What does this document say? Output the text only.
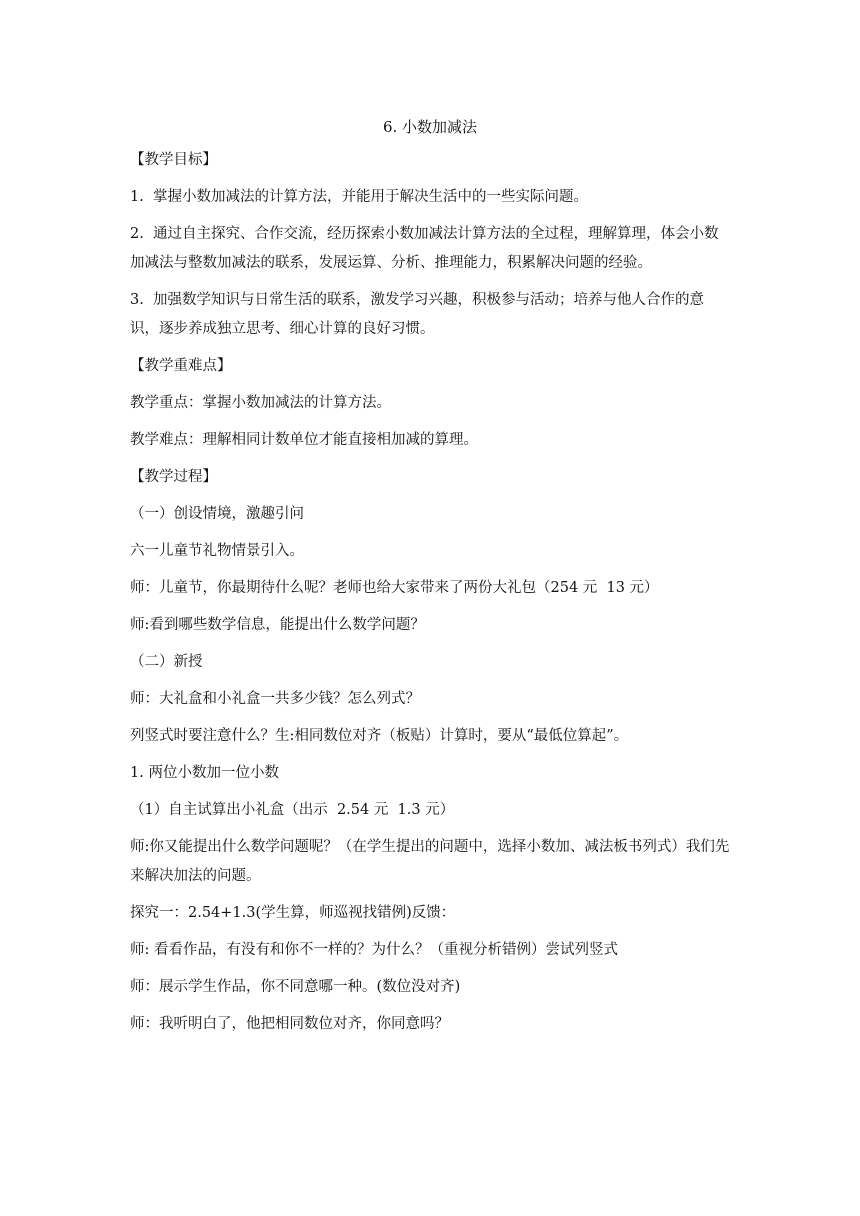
6. 小数加减法

【教学目标】

1.  掌握小数加减法的计算方法，并能用于解决生活中的一些实际问题。

2.  通过自主探究、合作交流，经历探索小数加减法计算方法的全过程，理解算理，体会小数加减法与整数加减法的联系，发展运算、分析、推理能力，积累解决问题的经验。

3.  加强数学知识与日常生活的联系，激发学习兴趣，积极参与活动；培养与他人合作的意识，逐步养成独立思考、细心计算的良好习惯。

【教学重难点】

教学重点：掌握小数加减法的计算方法。

教学难点：理解相同计数单位才能直接相加减的算理。

【教学过程】

（一）创设情境，激趣引问

六一儿童节礼物情景引入。

师：儿童节，你最期待什么呢？老师也给大家带来了两份大礼包（254 元  13 元）

师:看到哪些数学信息，能提出什么数学问题？

（二）新授

师：大礼盒和小礼盒一共多少钱？怎么列式？

列竖式时要注意什么？生:相同数位对齐（板贴）计算时，要从“最低位算起”。

1. 两位小数加一位小数

（1）自主试算出小礼盒（出示  2.54 元  1.3 元）

师:你又能提出什么数学问题呢？（在学生提出的问题中，选择小数加、减法板书列式）我们先来解决加法的问题。

探究一：2.54+1.3(学生算，师巡视找错例)反馈：

师: 看看作品，有没有和你不一样的？为什么？（重视分析错例）尝试列竖式

师：展示学生作品，你不同意哪一种。(数位没对齐)

师：我听明白了，他把相同数位对齐，你同意吗？
